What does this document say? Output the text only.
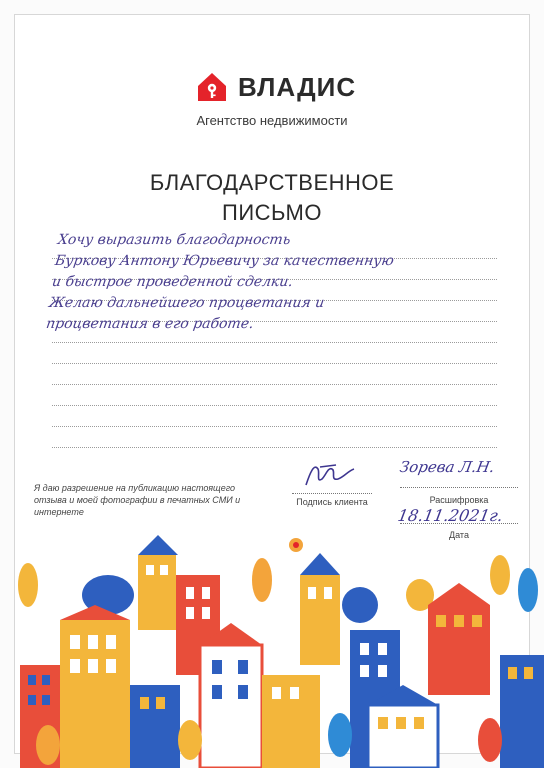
ВЛАДИС
Агентство недвижимости
БЛАГОДАРСТВЕННОЕ
ПИСЬМО
Хочу выразить благодарность
Буркову Антону Юрьевичу за качественную
и быстрое проведенной сделки.
Желаю дальнейшего процветания и
процветания в его работе.
Я даю разрешение на публикацию настоящего отзыва и моей фотографии в печатных СМИ и интернете
Подпись клиента
Зорева Л.Н.
Расшифровка
18.11.2021г.
Дата
